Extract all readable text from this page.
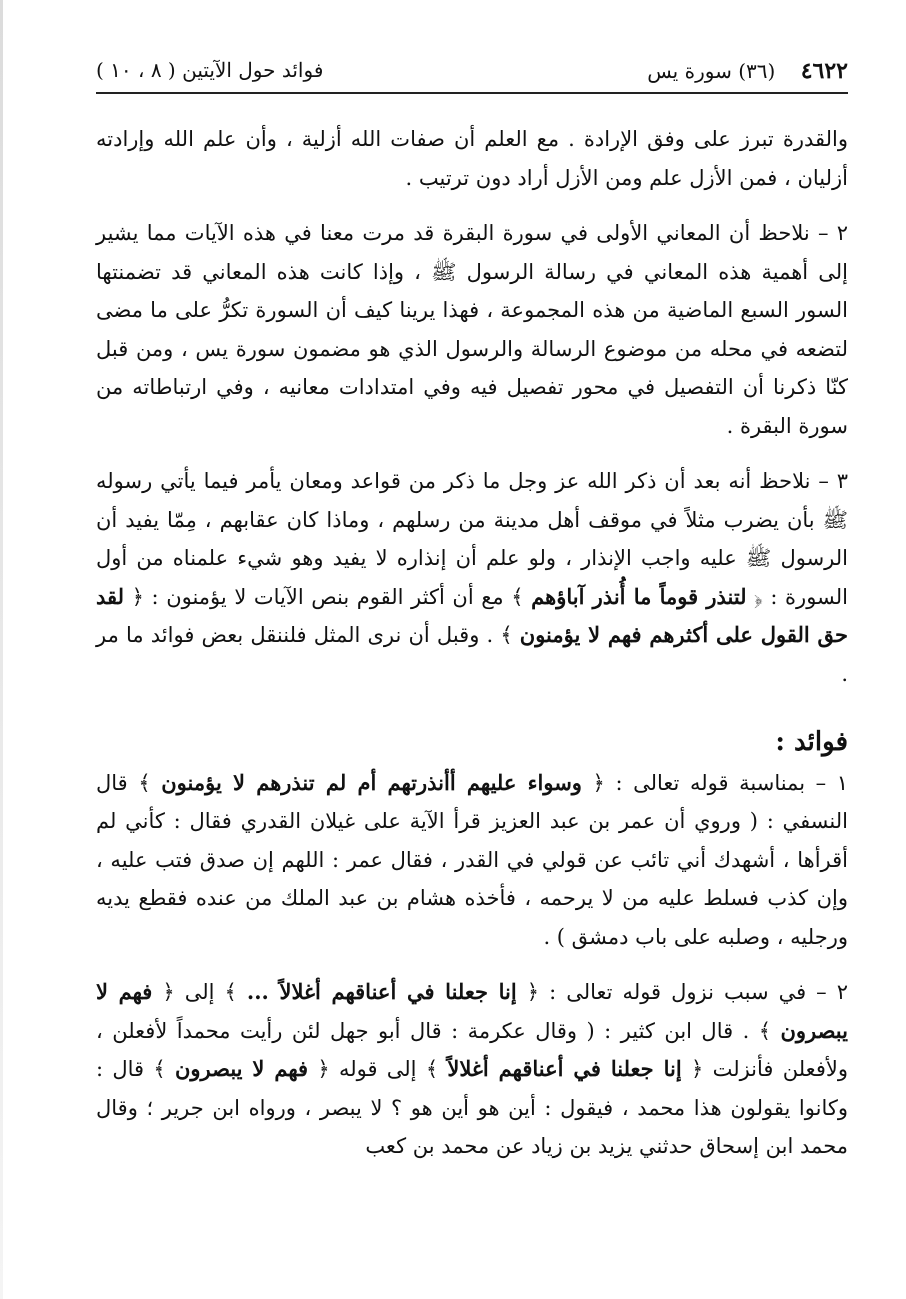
٤٦٢٢    (٣٦) سورة يس
فوائد حول الآيتين ( ٨ ، ١٠ )

والقدرة تبرز على وفق الإرادة . مع العلم أن صفات الله أزلية ، وأن علم الله وإرادته أزليان ، فمن الأزل علم ومن الأزل أراد دون ترتيب .

٢ – نلاحظ أن المعاني الأولى في سورة البقرة قد مرت معنا في هذه الآيات مما يشير إلى أهمية هذه المعاني في رسالة الرسول ﷺ ، وإذا كانت هذه المعاني قد تضمنتها السور السبع الماضية من هذه المجموعة ، فهذا يرينا كيف أن السورة تكرُّ على ما مضى لتضعه في محله من موضوع الرسالة والرسول الذي هو مضمون سورة يس ، ومن قبل كنّا ذكرنا أن التفصيل في محور تفصيل فيه وفي امتدادات معانيه ، وفي ارتباطاته من سورة البقرة .

٣ – نلاحظ أنه بعد أن ذكر الله عز وجل ما ذكر من قواعد ومعان يأمر فيما يأتي رسوله ﷺ بأن يضرب مثلاً في موقف أهل مدينة من رسلهم ، وماذا كان عقابهم ، مِمّا يفيد أن الرسول ﷺ عليه واجب الإنذار ، ولو علم أن إنذاره لا يفيد وهو شيء علمناه من أول السورة : ﴿ لتنذر قوماً ما أُنذر آباؤهم ﴾ مع أن أكثر القوم بنص الآيات لا يؤمنون : ﴿ لقد حق القول على أكثرهم فهم لا يؤمنون ﴾ . وقبل أن نرى المثل فلننقل بعض فوائد ما مر .

فوائد :

١ – بمناسبة قوله تعالى : ﴿ وسواء عليهم أأنذرتهم أم لم تنذرهم لا يؤمنون ﴾ قال النسفي : ( وروي أن عمر بن عبد العزيز قرأ الآية على غيلان القدري فقال : كأني لم أقرأها ، أشهدك أني تائب عن قولي في القدر ، فقال عمر : اللهم إن صدق فتب عليه ، وإن كذب فسلط عليه من لا يرحمه ، فأخذه هشام بن عبد الملك من عنده فقطع يديه ورجليه ، وصلبه على باب دمشق ) .

٢ – في سبب نزول قوله تعالى : ﴿ إنا جعلنا في أعناقهم أغلالاً ... ﴾ إلى ﴿ فهم لا يبصرون ﴾ . قال ابن كثير : ( وقال عكرمة : قال أبو جهل لئن رأيت محمداً لأفعلن ، ولأفعلن فأنزلت ﴿ إنا جعلنا في أعناقهم أغلالاً ﴾ إلى قوله ﴿ فهم لا يبصرون ﴾ قال : وكانوا يقولون هذا محمد ، فيقول : أين هو أين هو ؟ لا يبصر ، ورواه ابن جرير ؛ وقال محمد ابن إسحاق حدثني يزيد بن زياد عن محمد بن كعب
